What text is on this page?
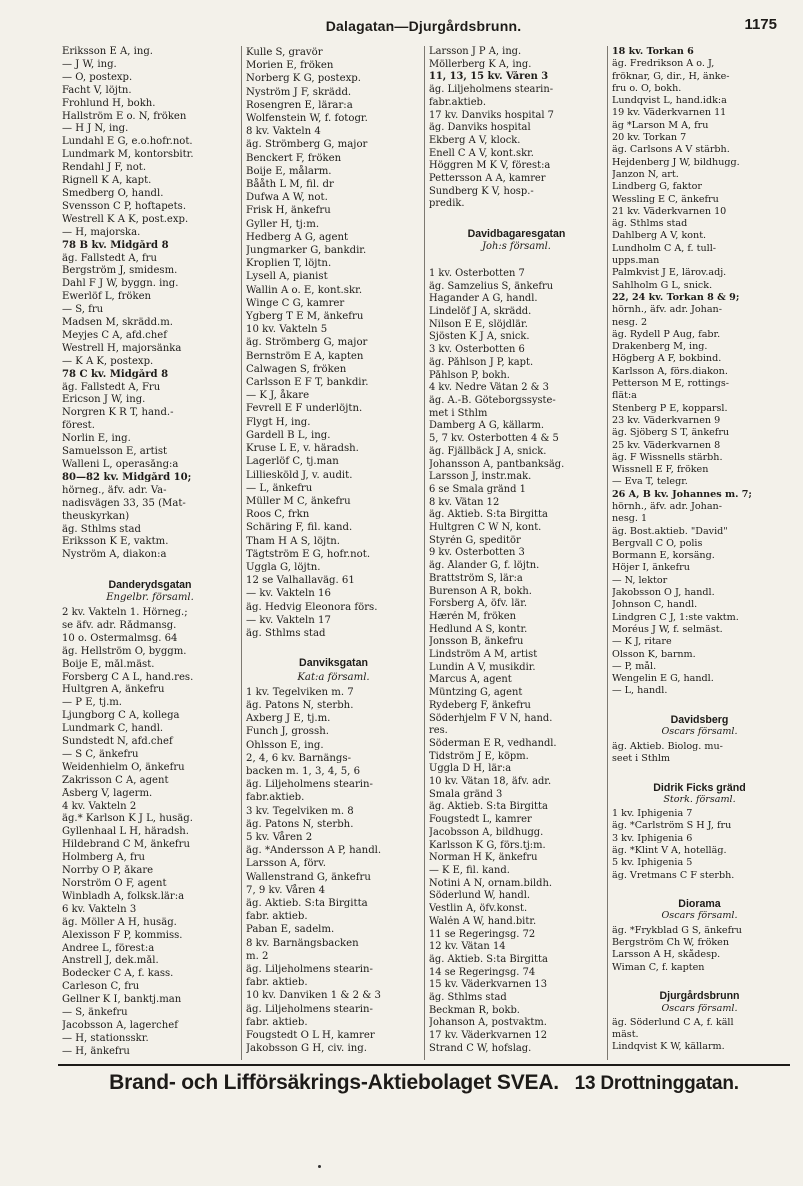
Dalagatan—Djurgårdsbrunn.	1175
Eriksson E A, ing.
— J W, ing.
— O, postexp.
Facht V, löjtn.
Frohlund H, bokh.
Hallström E o. N, fröken
— H J N, ing.
Lundahl E G, e.o.hofr.not.
Lundmark M, kontorsbitr.
Rendahl J F, not.
Rignell K A, kapt.
Smedberg O, handl.
Svensson C P, hoftapets.
Westrell K A K, post.exp.
— H, majorska.
78 B kv. Midgård 8
äg. Fallstedt A, fru
Bergström J, smidesm.
Dahl F J W, byggn. ing.
Ewerlöf L, fröken
— S, fru
Madsen M, skrädd.m.
Meyjes C A, afd.chef
Westrell H, majorsänka
— K A K, postexp.
78 C kv. Midgård 8
äg. Fallstedt A, Fru
Ericson J W, ing.
Norgren K R T, hand.-
förest.
Norlin E, ing.
Samuelsson E, artist
Walleni L, operasång:a
80—82 kv. Midgård 10;
hörneg., äfv. adr. Va-
nadisvägen 33, 35 (Mat-
theuskyrkan)
äg. Sthlms stad
Eriksson K E, vaktm.
Nyström A, diakon:a

Danderydsgatan
Engelbr. församl.
2 kv. Vakteln 1. Hörneg.;
se äfv. adr. Rådmansg.
10 o. Östermalmsg. 64
äg. Hellström O, byggm.
Boije E, mål.mäst.
Forsberg C A L, hand.res.
Hultgren A, änkefru
— P E, tj.m.
Ljungborg C A, kollega
Lundmark C, handl.
Sundstedt N, afd.chef
— S C, änkefru
Weidenhielm O, änkefru
Zakrisson C A, agent
Åsberg V, lagerm.
4 kv. Vakteln 2
äg.* Karlson K J L, husäg.
Gyllenhaal L H, häradsh.
Hildebrand C M, änkefru
Holmberg A, fru
Norrby O P, åkare
Norström O F, agent
Winbladh A, folksk.lär:a
6 kv. Vakteln 3
äg. Möller A H, husäg.
Alexisson F P, kommiss.
Andree L, förest:a
Anstrell J, dek.mål.
Bodecker C A, f. kass.
Carleson C, fru
Gellner K I, banktj.man
— S, änkefru
Jacobsson A, lagerchef
— H, stationsskr.
— H, änkefru
Kulle S, gravör
Morien E, fröken
Norberg K G, postexp.
Nyström J F, skrädd.
Rosengren E, lärar:a
Wolfenstein W, f. fotogr.
8 kv. Vakteln 4
äg. Strömberg G, major
Benckert F, fröken
Boije E, målarm.
Bååth L M, fil. dr
Dufwa A W, not.
Frisk H, änkefru
Gyller H, tj:m.
Hedberg A G, agent
Jungmarker G, bankdir.
Kroplien T, löjtn.
Lysell A, pianist
Wallin A o. E, kont.skr.
Winge C G, kamrer
Ygberg T E M, änkefru
10 kv. Vakteln 5
äg. Strömberg G, major
Bernström E A, kapten
Calwagen S, fröken
Carlsson E F T, bankdir.
— K J, åkare
Fevrell E F underlöjtn.
Flygt H, ing.
Gardell B L, ing.
Kruse L E, v. häradsh.
Lagerlöf C, tj.man
Lilliesköld J, v. audit.
— L, änkefru
Müller M C, änkefru
Roos C, frkn
Schäring F, fil. kand.
Tham H A S, löjtn.
Tägtström E G, hofr.not.
Uggla G, löjtn.
12 se Valhallaväg. 61
— kv. Vakteln 16
äg. Hedvig Eleonora förs.
— kv. Vakteln 17
äg. Sthlms stad

Danviksgatan
Kat:a församl.
1 kv. Tegelviken m. 7
äg. Patons N, sterbh.
Axberg J E, tj.m.
Funch J, grossh.
Ohlsson E, ing.
2, 4, 6 kv. Barnängs-
backen m. 1, 3, 4, 5, 6
äg. Liljeholmens stearin-
fabr.aktieb.
3 kv. Tegelviken m. 8
äg. Patons N, sterbh.
5 kv. Våren 2
äg. *Andersson A P, handl.
Larsson A, förv.
Wallenstrand G, änkefru
7, 9 kv. Våren 4
äg. Aktieb. S:ta Birgitta
fabr. aktieb.
Paban E, sadelm.
8 kv. Barnängsbacken
m. 2
äg. Liljeholmens stearin-
fabr. aktieb.
10 kv. Danviken 1 & 2 & 3
äg. Liljeholmens stearin-
fabr. aktieb.
Fougstedt O L H, kamrer
Jakobsson G H, civ. ing.
Larsson J P A, ing.
Möllerberg K A, ing.
11, 13, 15 kv. Våren 3
äg. Liljeholmens stearin-
fabr.aktieb.
17 kv. Danviks hospital 7
äg. Danviks hospital
Ekberg A V, klock.
Enell C A V, kont.skr.
Höggren M K V, förest:a
Pettersson A A, kamrer
Sundberg K V, hosp.-
predik.

Davidbagaresgatan
Joh:s församl.

1 kv. Österbotten 7
äg. Samzelius S, änkefru
Hagander A G, handl.
Lindelöf J A, skrädd.
Nilson E E, slöjdlär.
Sjösten K J A, snick.
3 kv. Österbotten 6
äg. Påhlson J P, kapt.
Påhlson P, bokh.
4 kv. Nedre Vätan 2 & 3
äg. A.-B. Göteborgssyste-
met i Sthlm
Damberg A G, källarm.
5, 7 kv. Österbotten 4 & 5
äg. Fjällbäck J A, snick.
Johansson A, pantbanksäg.
Larsson J, instr.mak.
6 se Smala gränd 1
8 kv. Vätan 12
äg. Aktieb. S:ta Birgitta
Hultgren C W N, kont.
Styrén G, speditör
9 kv. Österbotten 3
äg. Ålander G, f. löjtn.
Brattström S, lär:a
Burenson A R, bokh.
Forsberg A, öfv. lär.
Hærén M, fröken
Hedlund A S, kontr.
Jonsson B, änkefru
Lindström A M, artist
Lundin A V, musikdir.
Marcus A, agent
Müntzing G, agent
Rydeberg F, änkefru
Söderhjelm F V N, hand.
res.
Söderman E R, vedhandl.
Tidström J E, köpm.
Uggla D H, lär:a
10 kv. Vätan 18, äfv. adr.
Smala gränd 3
äg. Aktieb. S:ta Birgitta
Fougstedt L, kamrer
Jacobsson A, bildhugg.
Karlsson K G, förs.tj:m.
Norman H K, änkefru
— K E, fil. kand.
Notini A N, ornam.bildh.
Söderlund W, handl.
Vestlin A, öfv.konst.
Walén A W, hand.bitr.
11 se Regeringsg. 72
12 kv. Vätan 14
äg. Aktieb. S:ta Birgitta
14 se Regeringsg. 74
15 kv. Väderkvarnen 13
äg. Sthlms stad
Beckman R, bokb.
Johanson A, postvaktm.
17 kv. Väderkvarnen 12
Strand C W, hofslag.
18 kv. Torkan 6
äg. Fredrikson A o. J,
fröknar, G, dir., H, änke-
fru o. O, bokh.
Lundqvist L, hand.idk:a
19 kv. Väderkvarnen 11
äg *Larson M A, fru
20 kv. Torkan 7
äg. Carlsons A V stärbh.
Hejdenberg J W, bildhugg.
Janzon N, art.
Lindberg G, faktor
Wessling E C, änkefru
21 kv. Väderkvarnen 10
äg. Sthlms stad
Dahlberg A V, kont.
Lundholm C A, f. tull-
upps.man
Palmkvist J E, lärov.adj.
Sahlholm G L, snick.
22, 24 kv. Torkan 8 & 9;
hörnh., äfv. adr. Johan-
nesg. 2
äg. Rydell P Aug, fabr.
Drakenberg M, ing.
Högberg A F, bokbind.
Karlsson A, förs.diakon.
Petterson M E, rottings-
flät:a
Stenberg P E, kopparsl.
23 kv. Väderkvarnen 9
äg. Sjöberg S T, änkefru
25 kv. Väderkvarnen 8
äg. F Wissnells stärbh.
Wissnell E F, fröken
— Eva T, telegr.
26 A, B kv. Johannes m. 7;
hörnh., äfv. adr. Johan-
nesg. 1
äg. Bost.aktieb. "David"
Bergvall C O, polis
Bormann E, korsäng.
Höjer I, änkefru
— N, lektor
Jakobsson O J, handl.
Johnson C, handl.
Lindgren C J, 1:ste vaktm.
Moréus J W, f. selmäst.
— K J, ritare
Olsson K, barnm.
— P, mål.
Wengelin E G, handl.
— L, handl.

Davidsberg
Oscars församl.
äg. Aktieb. Biolog. mu-
seet i Sthlm

Didrik Ficks gränd
Stork. församl.
1 kv. Iphigenia 7
äg. *Carlström S H J, fru
3 kv. Iphigenia 6
äg. *Klint V A, hotelläg.
5 kv. Iphigenia 5
äg. Vretmans C F sterbh.

Diorama
Oscars församl.
äg. *Frykblad G S, änkefru
Bergström Ch W, fröken
Larsson A H, skådesp.
Wiman C, f. kapten

Djurgårdsbrunn
Oscars församl.
äg. Söderlund C A, f. käll
mäst.
Lindqvist K W, källarm.
Brand- och Lifförsäkrings-Aktiebolaget SVEA. 13 Drottninggatan.
